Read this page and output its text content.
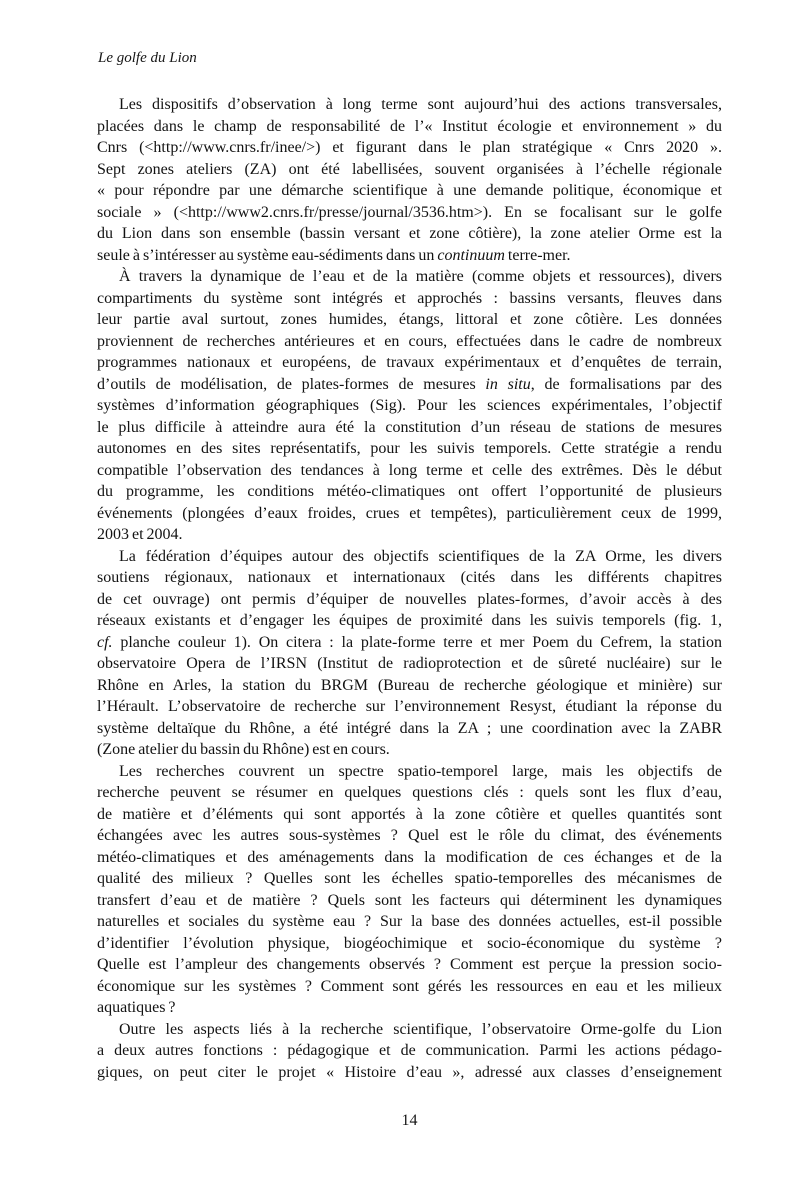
Le golfe du Lion
Les dispositifs d’observation à long terme sont aujourd’hui des actions transversales,
placées dans le champ de responsabilité de l’« Institut écologie et environnement » du
Cnrs (<http://www.cnrs.fr/inee/>) et figurant dans le plan stratégique « Cnrs 2020 ».
Sept zones ateliers (ZA) ont été labellisées, souvent organisées à l’échelle régionale
« pour répondre par une démarche scientifique à une demande politique, économique et
sociale » (<http://www2.cnrs.fr/presse/journal/3536.htm>). En se focalisant sur le golfe
du Lion dans son ensemble (bassin versant et zone côtière), la zone atelier Orme est la
seule à s’intéresser au système eau-sédiments dans un continuum terre-mer.
À travers la dynamique de l’eau et de la matière (comme objets et ressources), divers
compartiments du système sont intégrés et approchés : bassins versants, fleuves dans
leur partie aval surtout, zones humides, étangs, littoral et zone côtière. Les données
proviennent de recherches antérieures et en cours, effectuées dans le cadre de nombreux
programmes nationaux et européens, de travaux expérimentaux et d’enquêtes de terrain,
d’outils de modélisation, de plates-formes de mesures in situ, de formalisations par des
systèmes d’information géographiques (Sig). Pour les sciences expérimentales, l’objectif
le plus difficile à atteindre aura été la constitution d’un réseau de stations de mesures
autonomes en des sites représentatifs, pour les suivis temporels. Cette stratégie a rendu
compatible l’observation des tendances à long terme et celle des extrêmes. Dès le début
du programme, les conditions météo-climatiques ont offert l’opportunité de plusieurs
événements (plongées d’eaux froides, crues et tempêtes), particulièrement ceux de 1999,
2003 et 2004.
La fédération d’équipes autour des objectifs scientifiques de la ZA Orme, les divers
soutiens régionaux, nationaux et internationaux (cités dans les différents chapitres
de cet ouvrage) ont permis d’équiper de nouvelles plates-formes, d’avoir accès à des
réseaux existants et d’engager les équipes de proximité dans les suivis temporels (fig. 1,
cf. planche couleur 1). On citera : la plate-forme terre et mer Poem du Cefrem, la station
observatoire Opera de l’IRSN (Institut de radioprotection et de sûreté nucléaire) sur le
Rhône en Arles, la station du BRGM (Bureau de recherche géologique et minière) sur
l’Hérault. L’observatoire de recherche sur l’environnement Resyst, étudiant la réponse du
système deltaïque du Rhône, a été intégré dans la ZA ; une coordination avec la ZABR
(Zone atelier du bassin du Rhône) est en cours.
Les recherches couvrent un spectre spatio-temporel large, mais les objectifs de
recherche peuvent se résumer en quelques questions clés : quels sont les flux d’eau,
de matière et d’éléments qui sont apportés à la zone côtière et quelles quantités sont
échangées avec les autres sous-systèmes ? Quel est le rôle du climat, des événements
météo-climatiques et des aménagements dans la modification de ces échanges et de la
qualité des milieux ? Quelles sont les échelles spatio-temporelles des mécanismes de
transfert d’eau et de matière ? Quels sont les facteurs qui déterminent les dynamiques
naturelles et sociales du système eau ? Sur la base des données actuelles, est-il possible
d’identifier l’évolution physique, biogéochimique et socio-économique du système ?
Quelle est l’ampleur des changements observés ? Comment est perçue la pression socio-
économique sur les systèmes ? Comment sont gérés les ressources en eau et les milieux
aquatiques ?
Outre les aspects liés à la recherche scientifique, l’observatoire Orme-golfe du Lion
a deux autres fonctions : pédagogique et de communication. Parmi les actions pédago-
giques, on peut citer le projet « Histoire d’eau », adressé aux classes d’enseignement
14
